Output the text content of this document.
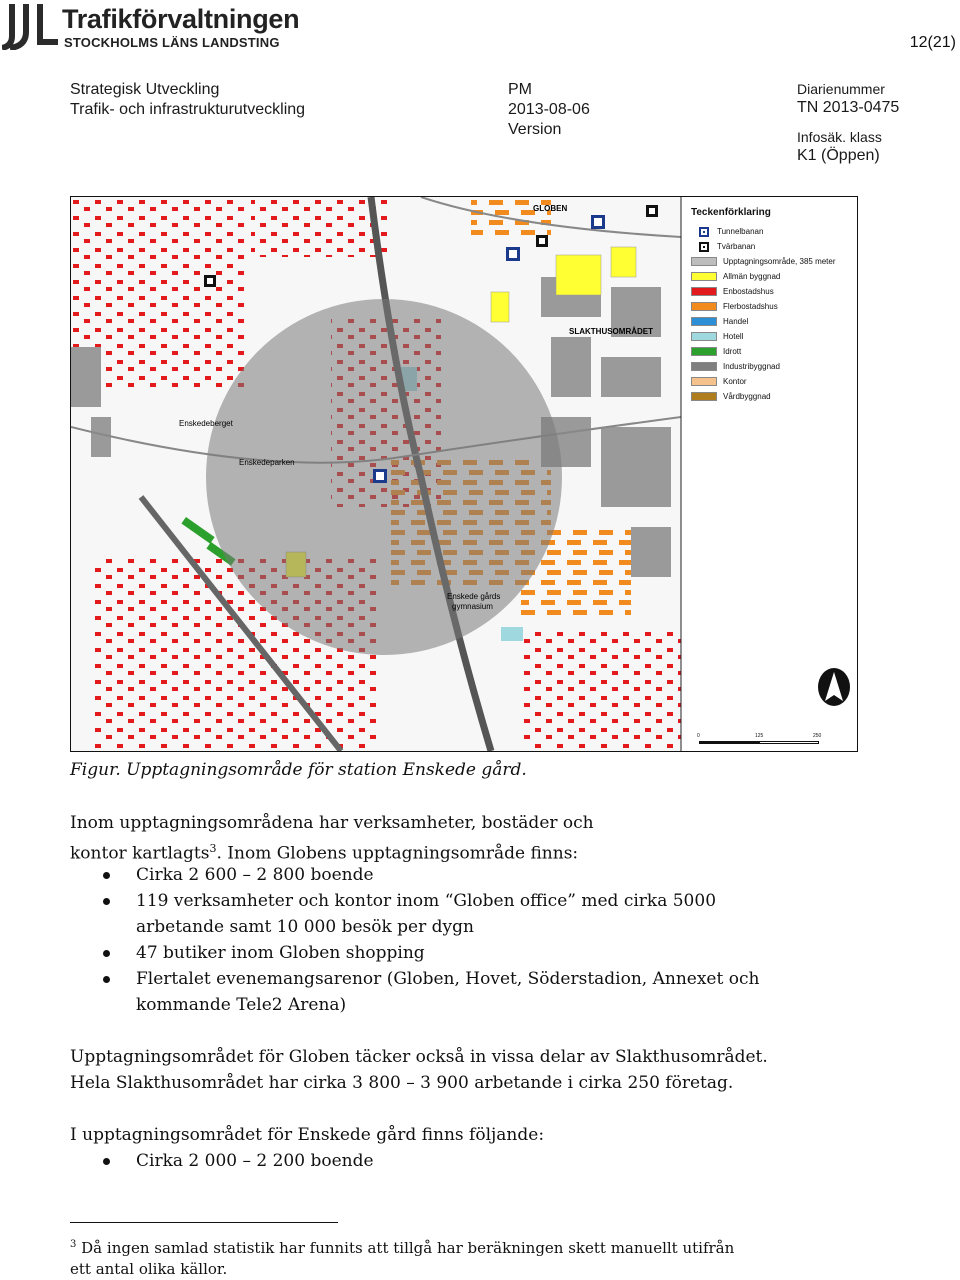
Trafikförvaltningen
STOCKHOLMS LÄNS LANDSTING	12(21)
Strategisk Utveckling
Trafik- och infrastrukturutveckling
PM
2013-08-06
Version
Diarienummer
TN 2013-0475
Infosäk. klass
K1 (Öppen)
GLOBEN
SLAKTHUSOMRÅDET
Enskedeberget
Enskedeparken
Enskede gårds
gymnasium
Teckenförklaring
Tunnelbanan
Tvärbanan
Upptagningsområde, 385 meter
Allmän byggnad
Enbostadshus
Flerbostadshus
Handel
Hotell
Idrott
Industribyggnad
Kontor
Vårdbyggnad
0	125	250
Figur. Upptagningsområde för station Enskede gård.
Inom upptagningsområdena har verksamheter, bostäder och
kontor kartlagts$^3$. Inom Globens upptagningsområde finns:
Cirka 2 600 – 2 800 boende
119 verksamheter och kontor inom “Globen office” med cirka 5000
arbetande samt 10 000 besök per dygn
47 butiker inom Globen shopping
Flertalet evenemangsarenor (Globen, Hovet, Söderstadion, Annexet och
kommande Tele2 Arena)
Upptagningsområdet för Globen täcker också in vissa delar av Slakthusområdet.
Hela Slakthusområdet har cirka 3 800 – 3 900 arbetande i cirka 250 företag.
I upptagningsområdet för Enskede gård finns följande:
Cirka 2 000 – 2 200 boende
$^3$ Då ingen samlad statistik har funnits att tillgå har beräkningen skett manuellt utifrån
ett antal olika källor.
